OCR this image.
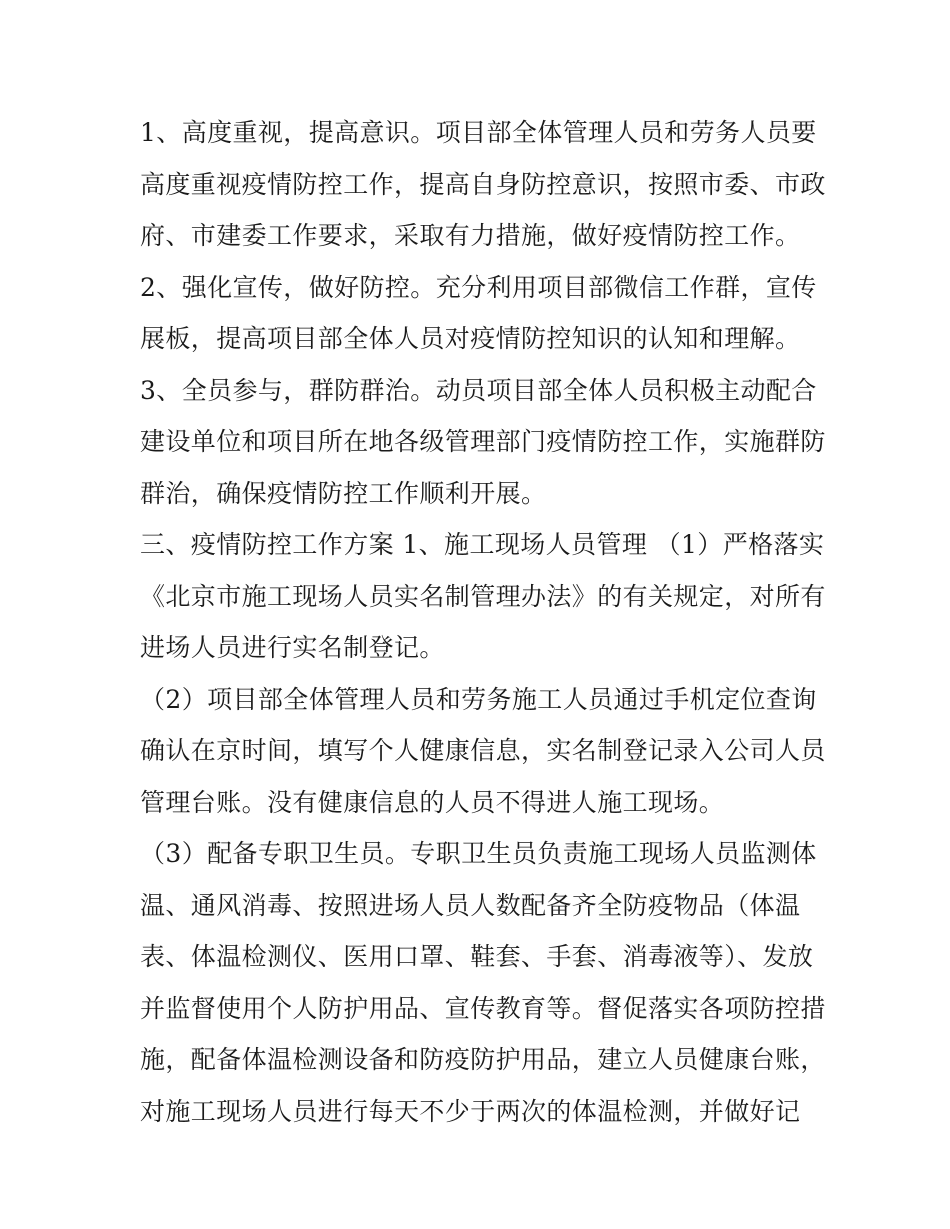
1、高度重视，提高意识。项目部全体管理人员和劳务人员要
高度重视疫情防控工作，提高自身防控意识，按照市委、市政
府、市建委工作要求，采取有力措施，做好疫情防控工作。
2、强化宣传，做好防控。充分利用项目部微信工作群，宣传
展板，提高项目部全体人员对疫情防控知识的认知和理解。
3、全员参与，群防群治。动员项目部全体人员积极主动配合
建设单位和项目所在地各级管理部门疫情防控工作，实施群防
群治，确保疫情防控工作顺利开展。
三、疫情防控工作方案 1、施工现场人员管理 （1）严格落实
《北京市施工现场人员实名制管理办法》的有关规定，对所有
进场人员进行实名制登记。
（2）项目部全体管理人员和劳务施工人员通过手机定位查询
确认在京时间，填写个人健康信息，实名制登记录入公司人员
管理台账。没有健康信息的人员不得进人施工现场。
（3）配备专职卫生员。专职卫生员负责施工现场人员监测体
温、通风消毒、按照进场人员人数配备齐全防疫物品（体温
表、体温检测仪、医用口罩、鞋套、手套、消毒液等）、发放
并监督使用个人防护用品、宣传教育等。督促落实各项防控措
施，配备体温检测设备和防疫防护用品，建立人员健康台账，
对施工现场人员进行每天不少于两次的体温检测，并做好记
